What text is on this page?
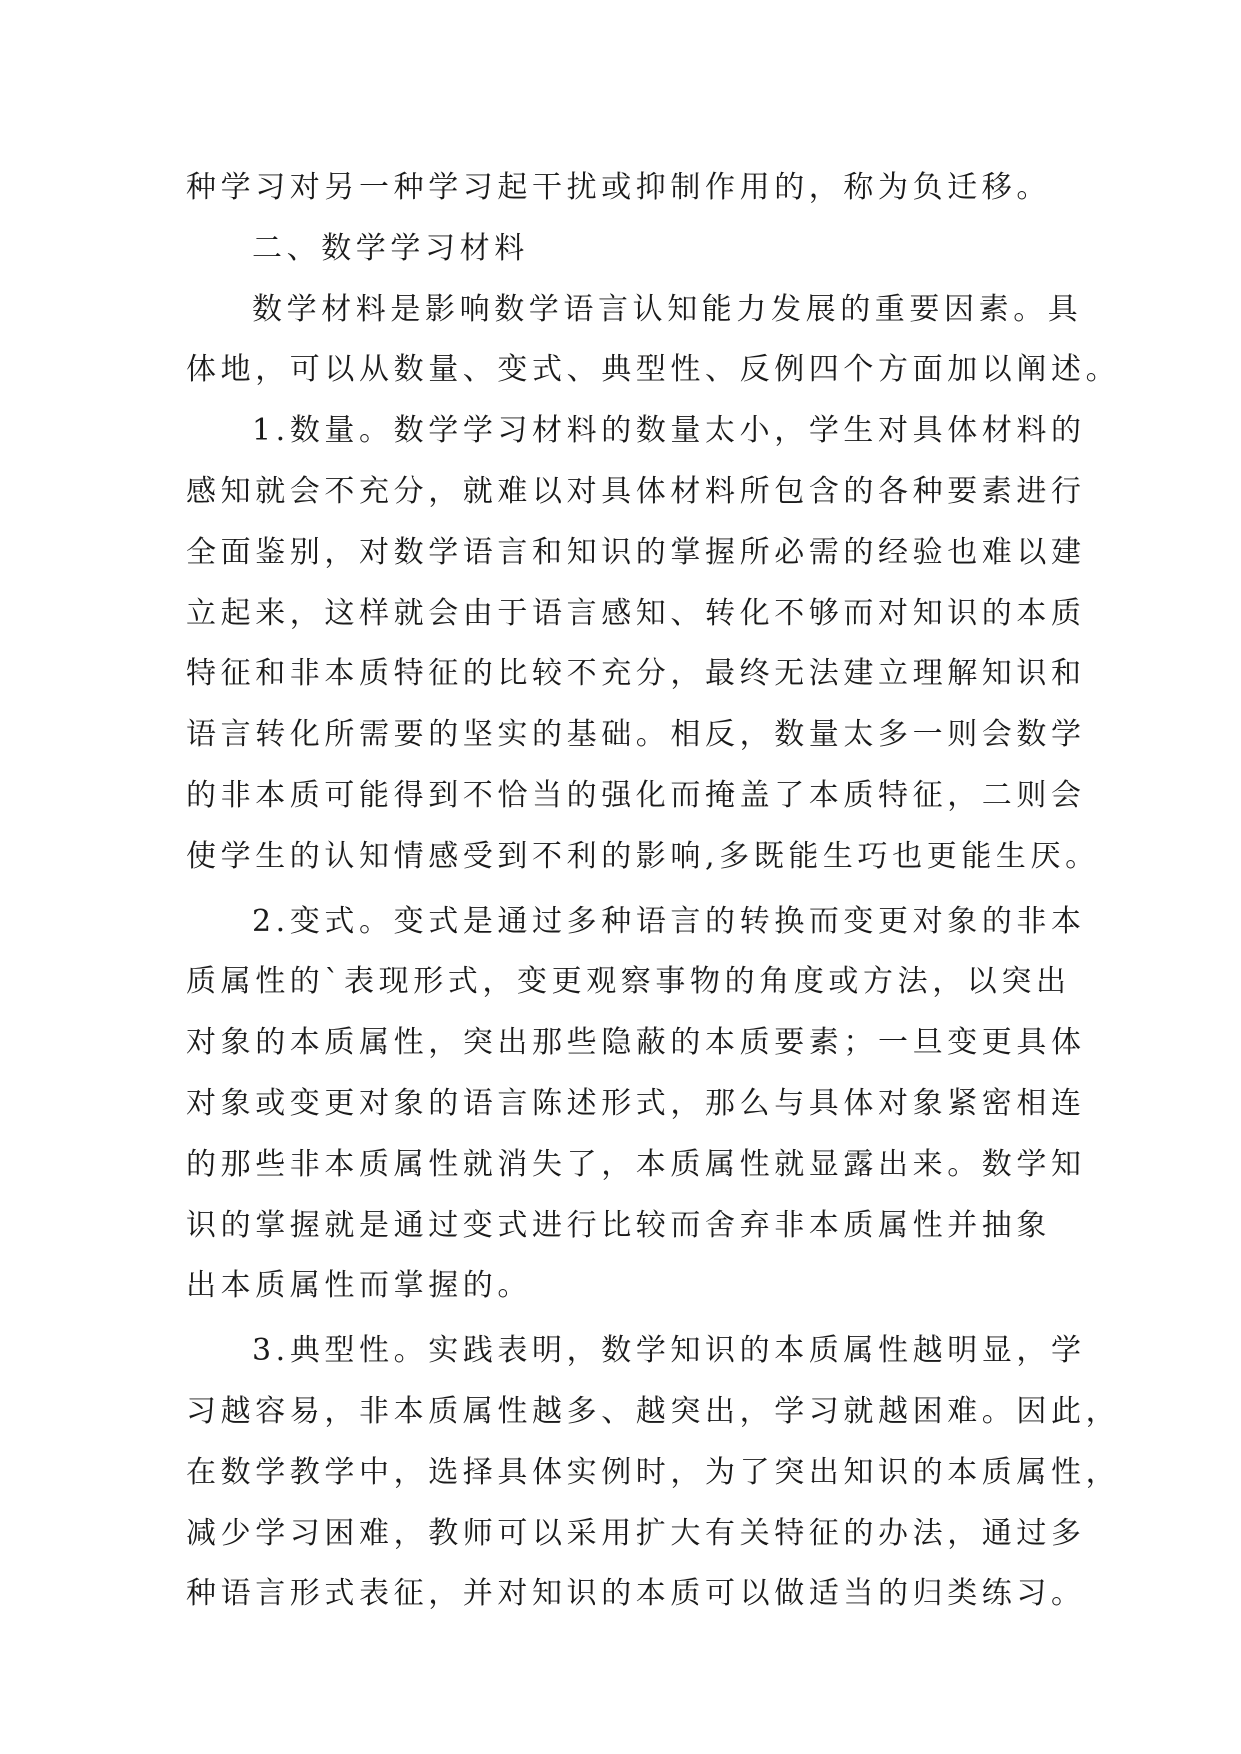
种学习对另一种学习起干扰或抑制作用的，称为负迁移。
二、数学学习材料
数学材料是影响数学语言认知能力发展的重要因素。具
体地，可以从数量、变式、典型性、反例四个方面加以阐述。
1.数量。数学学习材料的数量太小，学生对具体材料的
感知就会不充分，就难以对具体材料所包含的各种要素进行
全面鉴别，对数学语言和知识的掌握所必需的经验也难以建
立起来，这样就会由于语言感知、转化不够而对知识的本质
特征和非本质特征的比较不充分，最终无法建立理解知识和
语言转化所需要的坚实的基础。相反，数量太多一则会数学
的非本质可能得到不恰当的强化而掩盖了本质特征，二则会
使学生的认知情感受到不利的影响,多既能生巧也更能生厌。
2.变式。变式是通过多种语言的转换而变更对象的非本
质属性的`表现形式，变更观察事物的角度或方法，以突出
对象的本质属性，突出那些隐蔽的本质要素；一旦变更具体
对象或变更对象的语言陈述形式，那么与具体对象紧密相连
的那些非本质属性就消失了，本质属性就显露出来。数学知
识的掌握就是通过变式进行比较而舍弃非本质属性并抽象
出本质属性而掌握的。
3.典型性。实践表明，数学知识的本质属性越明显，学
习越容易，非本质属性越多、越突出，学习就越困难。因此，
在数学教学中，选择具体实例时，为了突出知识的本质属性，
减少学习困难，教师可以采用扩大有关特征的办法，通过多
种语言形式表征，并对知识的本质可以做适当的归类练习。
